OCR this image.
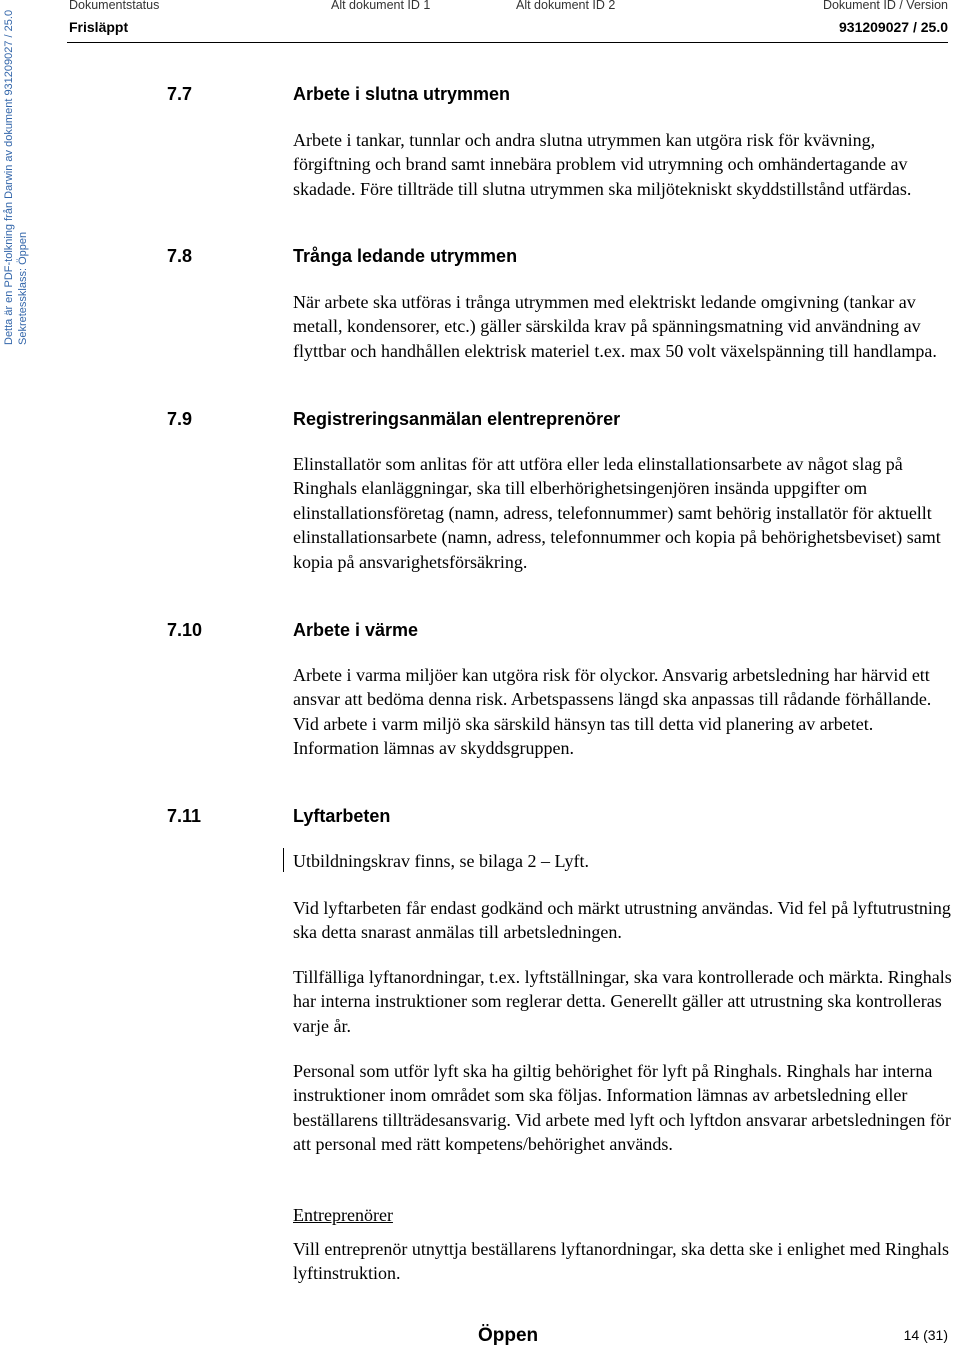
Detta är en PDF-tolkning från Darwin av dokument 931209027 / 25.0 Sekretessklass: Öppen
Dokumentstatus
Frisläppt
Alt dokument ID 1	Alt dokument ID 2	Dokument ID / Version
931209027 / 25.0
7.7	Arbete i slutna utrymmen
Arbete i tankar, tunnlar och andra slutna utrymmen kan utgöra risk för kvävning, förgiftning och brand samt innebära problem vid utrymning och omhändertagande av skadade. Före tillträde till slutna utrymmen ska miljötekniskt skyddstillstånd utfärdas.
7.8	Trånga ledande utrymmen
När arbete ska utföras i trånga utrymmen med elektriskt ledande omgivning (tankar av metall, kondensorer, etc.) gäller särskilda krav på spänningsmatning vid användning av flyttbar och handhållen elektrisk materiel t.ex. max 50 volt växelspänning till handlampa.
7.9	Registreringsanmälan elentreprenörer
Elinstallatör som anlitas för att utföra eller leda elinstallationsarbete av något slag på Ringhals elanläggningar, ska till elberhörighetsingenjören insända uppgifter om elinstallationsföretag (namn, adress, telefonnummer) samt behörig installatör för aktuellt elinstallationsarbete (namn, adress, telefonnummer och kopia på behörighetsbeviset) samt kopia på ansvarighetsförsäkring.
7.10	Arbete i värme
Arbete i varma miljöer kan utgöra risk för olyckor. Ansvarig arbetsledning har härvid ett ansvar att bedöma denna risk. Arbetspassens längd ska anpassas till rådande förhållande. Vid arbete i varm miljö ska särskild hänsyn tas till detta vid planering av arbetet. Information lämnas av skyddsgruppen.
7.11	Lyftarbeten
Utbildningskrav finns, se bilaga 2 – Lyft.
Vid lyftarbeten får endast godkänd och märkt utrustning användas. Vid fel på lyftutrustning ska detta snarast anmälas till arbetsledningen.
Tillfälliga lyftanordningar, t.ex. lyftställningar, ska vara kontrollerade och märkta. Ringhals har interna instruktioner som reglerar detta. Generellt gäller att utrustning ska kontrolleras varje år.
Personal som utför lyft ska ha giltig behörighet för lyft på Ringhals. Ringhals har interna instruktioner inom området som ska följas. Information lämnas av arbetsledning eller beställarens tillträdesansvarig. Vid arbete med lyft och lyftdon ansvarar arbetsledningen för att personal med rätt kompetens/behörighet används.
Entreprenörer
Vill entreprenör utnyttja beställarens lyftanordningar, ska detta ske i enlighet med Ringhals lyftinstruktion.
Öppen	14 (31)
